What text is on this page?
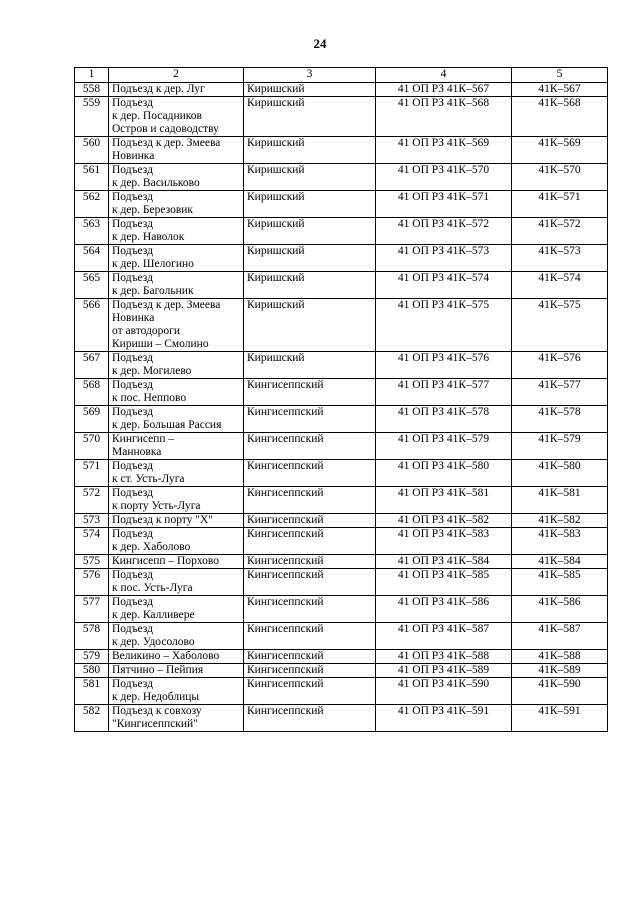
24
1	2	3	4	5
558	Подъезд к дер. Луг	Киришский	41 ОП РЗ 41К–567	41К–567
559	Подъезд
к дер. Посадников
Остров и садоводству	Киришский	41 ОП РЗ 41К–568	41К–568
560	Подъезд к дер. Змеева
Новинка	Киришский	41 ОП РЗ 41К–569	41К–569
561	Подъезд
к дер. Васильково	Киришский	41 ОП РЗ 41К–570	41К–570
562	Подъезд
к дер. Березовик	Киришский	41 ОП РЗ 41К–571	41К–571
563	Подъезд
к дер. Наволок	Киришский	41 ОП РЗ 41К–572	41К–572
564	Подъезд
к дер. Шелогино	Киришский	41 ОП РЗ 41К–573	41К–573
565	Подъезд
к дер. Багольник	Киришский	41 ОП РЗ 41К–574	41К–574
566	Подъезд к дер. Змеева
Новинка
от автодороги
Кириши – Смолино	Киришский	41 ОП РЗ 41К–575	41К–575
567	Подъезд
к дер. Могилево	Киришский	41 ОП РЗ 41К–576	41К–576
568	Подъезд
к пос. Неппово	Кингисеппский	41 ОП РЗ 41К–577	41К–577
569	Подъезд
к дер. Большая Рассия	Кингисеппский	41 ОП РЗ 41К–578	41К–578
570	Кингисепп –
Манновка	Кингисеппский	41 ОП РЗ 41К–579	41К–579
571	Подъезд
к ст. Усть-Луга	Кингисеппский	41 ОП РЗ 41К–580	41К–580
572	Подъезд
к порту Усть-Луга	Кингисеппский	41 ОП РЗ 41К–581	41К–581
573	Подъезд к порту "Х"	Кингисеппский	41 ОП РЗ 41К–582	41К–582
574	Подъезд
к дер. Хаболово	Кингисеппский	41 ОП РЗ 41К–583	41К–583
575	Кингисепп – Порхово	Кингисеппский	41 ОП РЗ 41К–584	41К–584
576	Подъезд
к пос. Усть-Луга	Кингисеппский	41 ОП РЗ 41К–585	41К–585
577	Подъезд
к дер. Калливере	Кингисеппский	41 ОП РЗ 41К–586	41К–586
578	Подъезд
к дер. Удосолово	Кингисеппский	41 ОП РЗ 41К–587	41К–587
579	Великино – Хаболово	Кингисеппский	41 ОП РЗ 41К–588	41К–588
580	Пятчино – Пейпия	Кингисеппский	41 ОП РЗ 41К–589	41К–589
581	Подъезд
к дер. Недоблицы	Кингисеппский	41 ОП РЗ 41К–590	41К–590
582	Подъезд к совхозу
"Кингисеппский"	Кингисеппский	41 ОП РЗ 41К–591	41К–591
